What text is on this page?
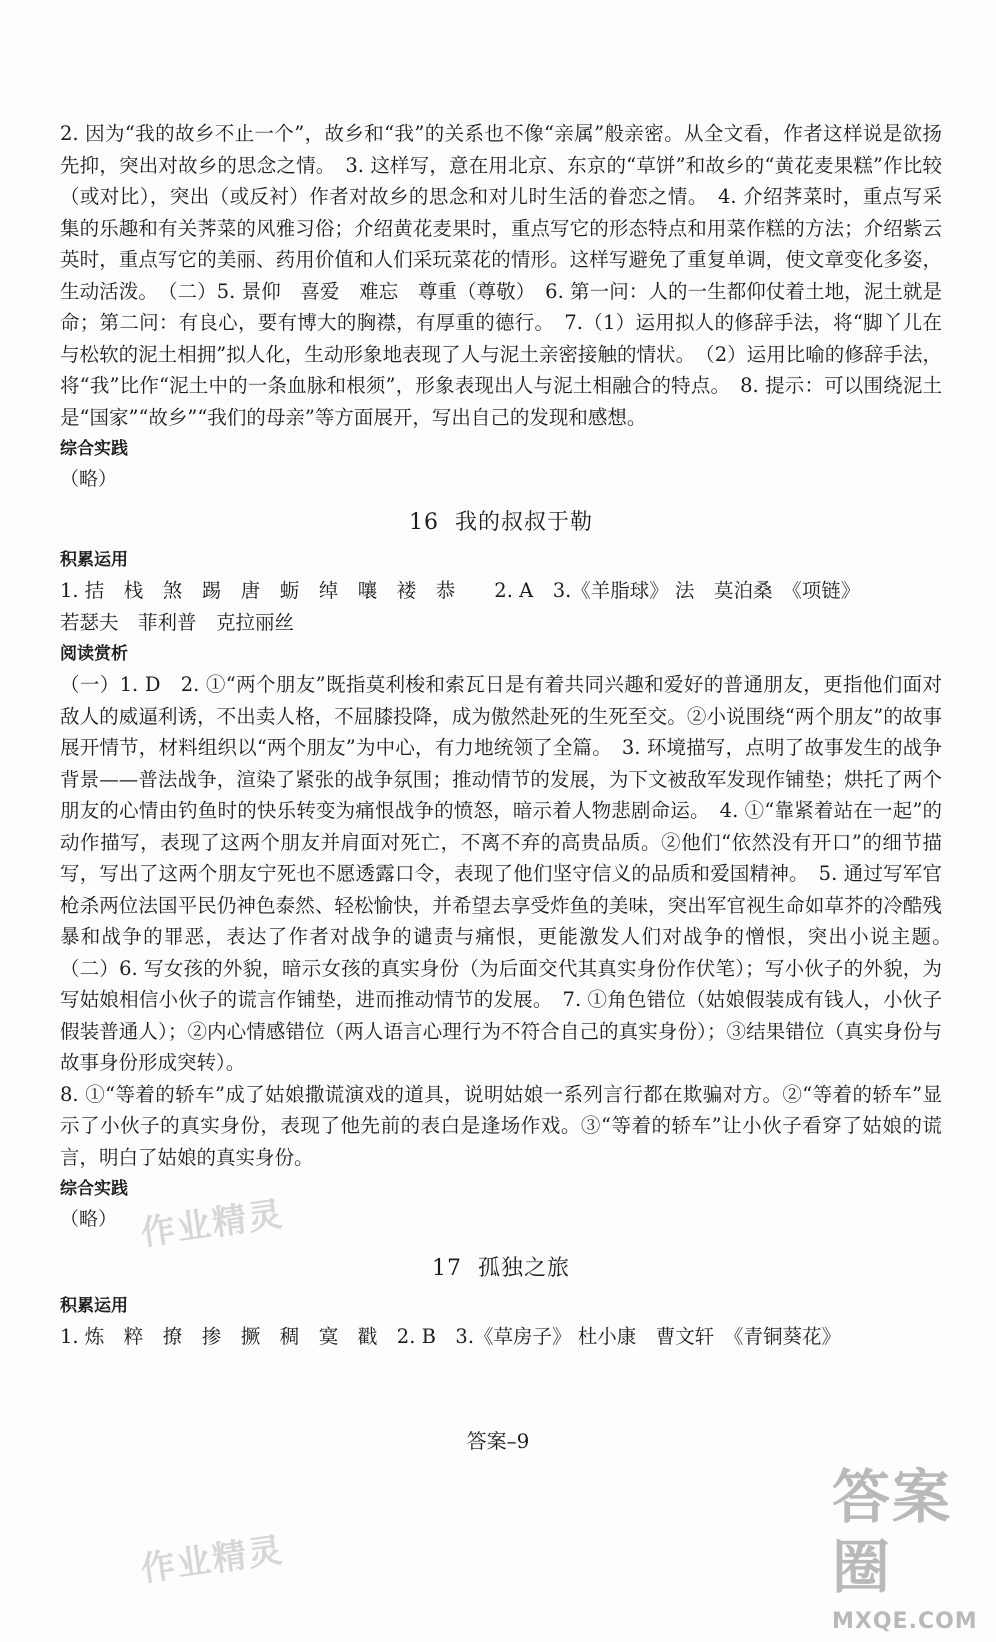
2. 因为“我的故乡不止一个”，故乡和“我”的关系也不像“亲属”般亲密。从全文看，作者这样说是欲扬先抑，突出对故乡的思念之情。　3. 这样写，意在用北京、东京的“草饼”和故乡的“黄花麦果糕”作比较（或对比），突出（或反衬）作者对故乡的思念和对儿时生活的眷恋之情。　4. 介绍荠菜时，重点写采集的乐趣和有关荠菜的风雅习俗；介绍黄花麦果时，重点写它的形态特点和用菜作糕的方法；介绍紫云英时，重点写它的美丽、药用价值和人们采玩菜花的情形。这样写避免了重复单调，使文章变化多姿，生动活泼。　（二）5. 景仰　喜爱　难忘　尊重（尊敬）　6. 第一问：人的一生都仰仗着土地，泥土就是命；第二问：有良心，要有博大的胸襟，有厚重的德行。　7.（1）运用拟人的修辞手法，将“脚丫儿在与松软的泥土相拥”拟人化，生动形象地表现了人与泥土亲密接触的情状。　（2）运用比喻的修辞手法，将“我”比作“泥土中的一条血脉和根须”，形象表现出人与泥土相融合的特点。　8. 提示：可以围绕泥土是“国家”“故乡”“我们的母亲”等方面展开，写出自己的发现和感想。

综合实践

（略）

16 我的叔叔于勒

积累运用

1. 拮　栈　煞　踢　唐　蛎　绰　嚷　褛　恭　　2. A　3.《羊脂球》 法　莫泊桑　《项链》

若瑟夫　菲利普　克拉丽丝

阅读赏析

（一）1. D　2. ①“两个朋友”既指莫利梭和索瓦日是有着共同兴趣和爱好的普通朋友，更指他们面对敌人的威逼利诱，不出卖人格，不屈膝投降，成为傲然赴死的生死至交。②小说围绕“两个朋友”的故事展开情节，材料组织以“两个朋友”为中心，有力地统领了全篇。　3. 环境描写，点明了故事发生的战争背景——普法战争，渲染了紧张的战争氛围；推动情节的发展，为下文被敌军发现作铺垫；烘托了两个朋友的心情由钓鱼时的快乐转变为痛恨战争的愤怒，暗示着人物悲剧命运。　4. ①“靠紧着站在一起”的动作描写，表现了这两个朋友并肩面对死亡，不离不弃的高贵品质。②他们“依然没有开口”的细节描写，写出了这两个朋友宁死也不愿透露口令，表现了他们坚守信义的品质和爱国精神。　5. 通过写军官枪杀两位法国平民仍神色泰然、轻松愉快，并希望去享受炸鱼的美味，突出军官视生命如草芥的冷酷残暴和战争的罪恶，表达了作者对战争的谴责与痛恨，更能激发人们对战争的憎恨，突出小说主题。　（二）6. 写女孩的外貌，暗示女孩的真实身份（为后面交代其真实身份作伏笔）；写小伙子的外貌，为写姑娘相信小伙子的谎言作铺垫，进而推动情节的发展。　7. ①角色错位（姑娘假装成有钱人，小伙子假装普通人）；②内心情感错位（两人语言心理行为不符合自己的真实身份）；③结果错位（真实身份与故事身份形成突转）。

8. ①“等着的轿车”成了姑娘撒谎演戏的道具，说明姑娘一系列言行都在欺骗对方。②“等着的轿车”显示了小伙子的真实身份，表现了他先前的表白是逢场作戏。③“等着的轿车”让小伙子看穿了姑娘的谎言，明白了姑娘的真实身份。

综合实践

（略）

17 孤独之旅

积累运用

1. 炼　粹　撩　掺　撅　稠　寞　戳　2. B　3.《草房子》 杜小康　曹文轩　《青铜葵花》

答案–9
作业精灵
作业精灵
答案圈
MXQE.COM
